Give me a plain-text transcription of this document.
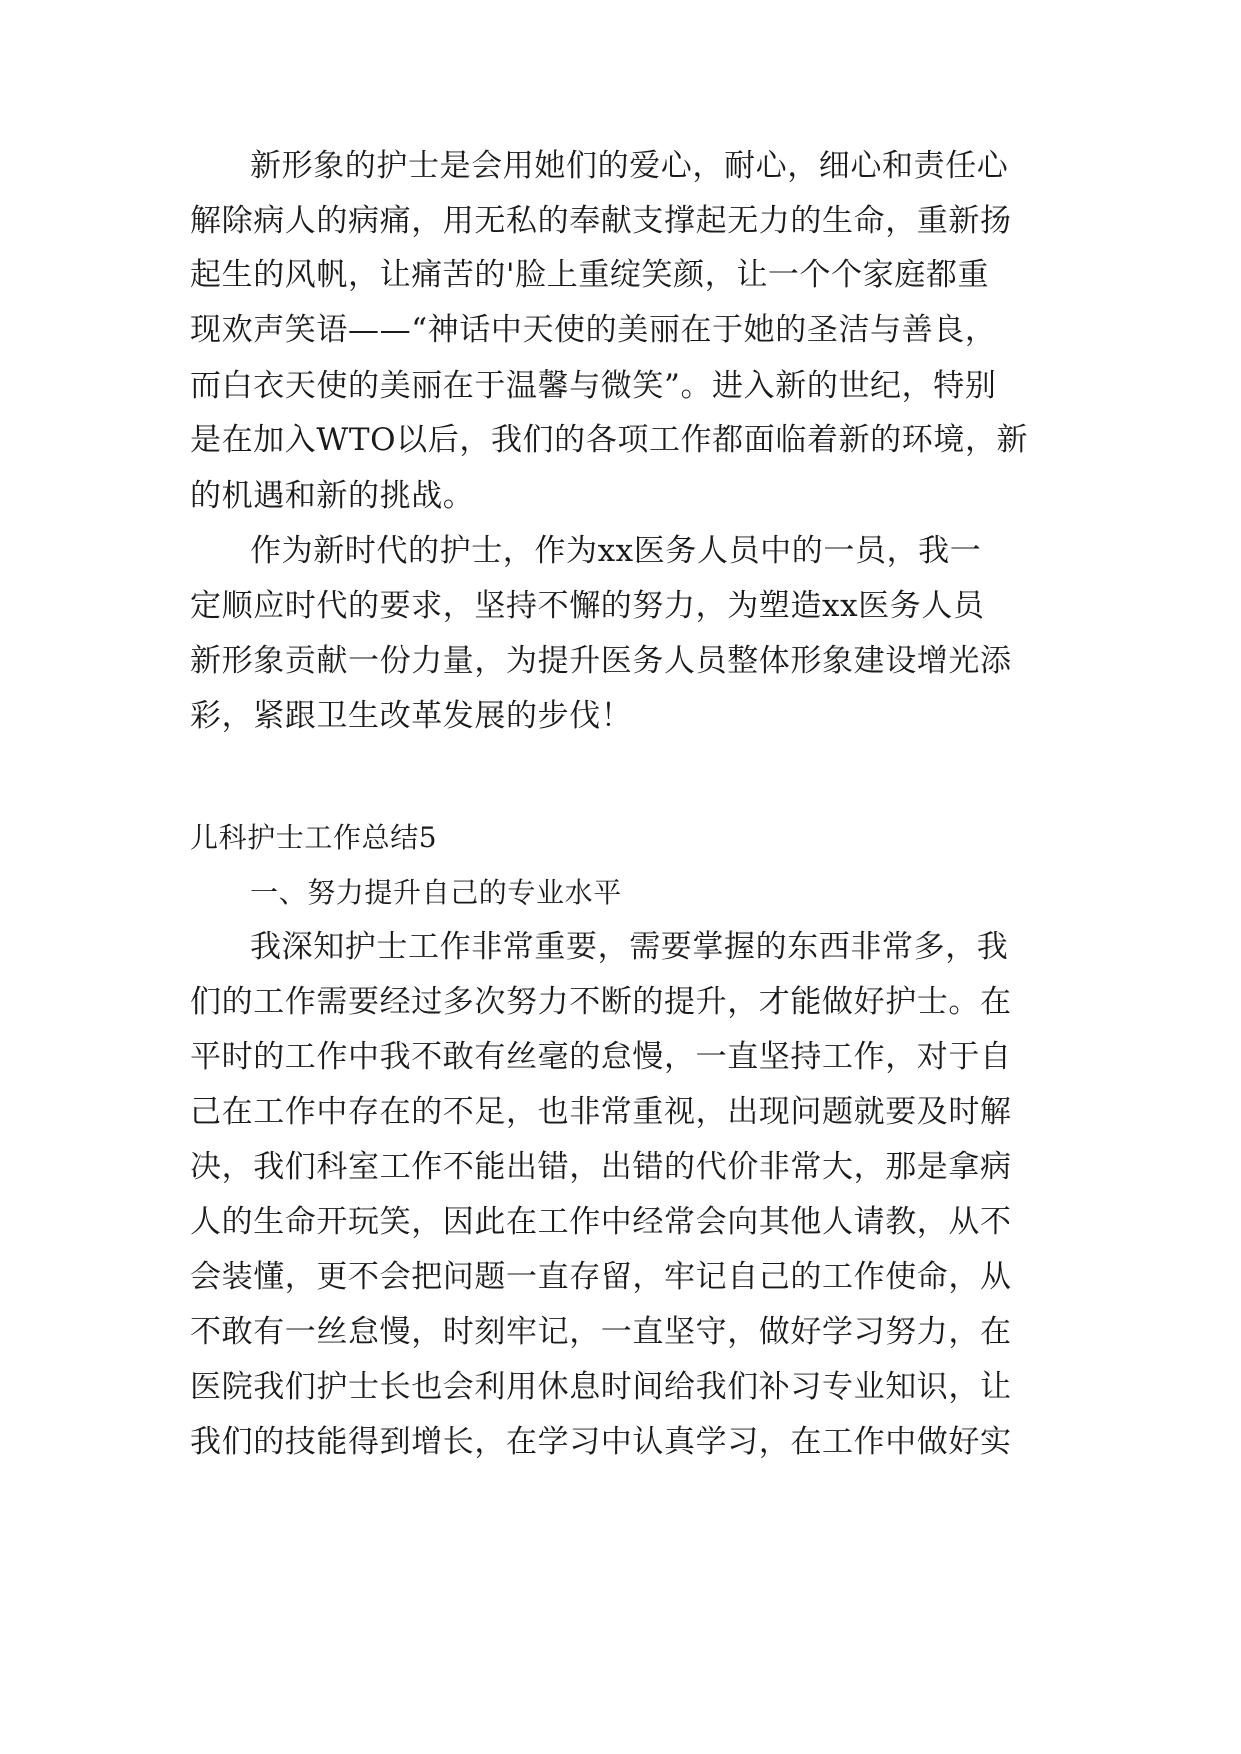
新形象的护士是会用她们的爱心，耐心，细心和责任心
解除病人的病痛，用无私的奉献支撑起无力的生命，重新扬
起生的风帆，让痛苦的'脸上重绽笑颜，让一个个家庭都重
现欢声笑语——“神话中天使的美丽在于她的圣洁与善良，
而白衣天使的美丽在于温馨与微笑”。进入新的世纪，特别
是在加入WTO以后，我们的各项工作都面临着新的环境，新
的机遇和新的挑战。
作为新时代的护士，作为xx医务人员中的一员，我一
定顺应时代的要求，坚持不懈的努力，为塑造xx医务人员
新形象贡献一份力量，为提升医务人员整体形象建设增光添
彩，紧跟卫生改革发展的步伐！
儿科护士工作总结5
一、努力提升自己的专业水平
我深知护士工作非常重要，需要掌握的东西非常多，我
们的工作需要经过多次努力不断的提升，才能做好护士。在
平时的工作中我不敢有丝毫的怠慢，一直坚持工作，对于自
己在工作中存在的不足，也非常重视，出现问题就要及时解
决，我们科室工作不能出错，出错的代价非常大，那是拿病
人的生命开玩笑，因此在工作中经常会向其他人请教，从不
会装懂，更不会把问题一直存留，牢记自己的工作使命，从
不敢有一丝怠慢，时刻牢记，一直坚守，做好学习努力，在
医院我们护士长也会利用休息时间给我们补习专业知识，让
我们的技能得到增长，在学习中认真学习，在工作中做好实
